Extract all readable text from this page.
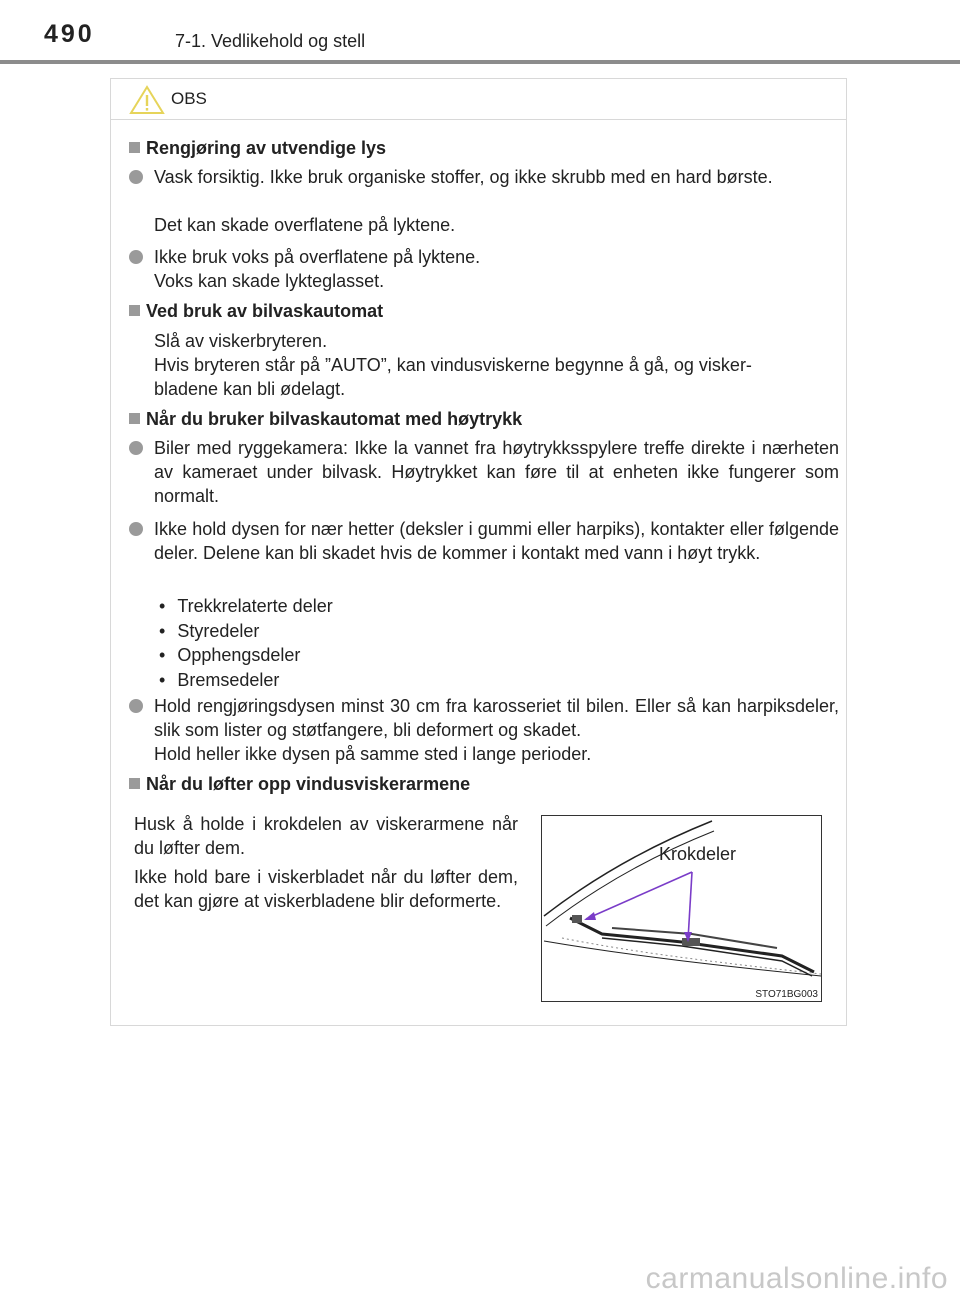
490	7-1. Vedlikehold og stell
OBS
Rengjøring av utvendige lys
Vask forsiktig. Ikke bruk organiske stoffer, og ikke skrubb med en hard børste.
Det kan skade overflatene på lyktene.
Ikke bruk voks på overflatene på lyktene.
Voks kan skade lykteglasset.
Ved bruk av bilvaskautomat
Slå av viskerbryteren.
Hvis bryteren står på ”AUTO”, kan vindusviskerne begynne å gå, og visker-
bladene kan bli ødelagt.
Når du bruker bilvaskautomat med høytrykk
Biler med ryggekamera: Ikke la vannet fra høytrykksspylere treffe direkte i nærheten av kameraet under bilvask. Høytrykket kan føre til at enheten ikke fungerer som normalt.
Ikke hold dysen for nær hetter (deksler i gummi eller harpiks), kontakter eller følgende deler. Delene kan bli skadet hvis de kommer i kontakt med vann i høyt trykk.
• Trekkrelaterte deler
• Styredeler
• Opphengsdeler
• Bremsedeler
Hold rengjøringsdysen minst 30 cm fra karosseriet til bilen. Eller så kan harpiksdeler, slik som lister og støtfangere, bli deformert og skadet.
Hold heller ikke dysen på samme sted i lange perioder.
Når du løfter opp vindusviskerarmene
Husk å holde i krokdelen av viskerarmene når du løfter dem.
Ikke hold bare i viskerbladet når du løfter dem, det kan gjøre at viskerbladene blir deformerte.
Krokdeler
STO71BG003
carmanualsonline.info
